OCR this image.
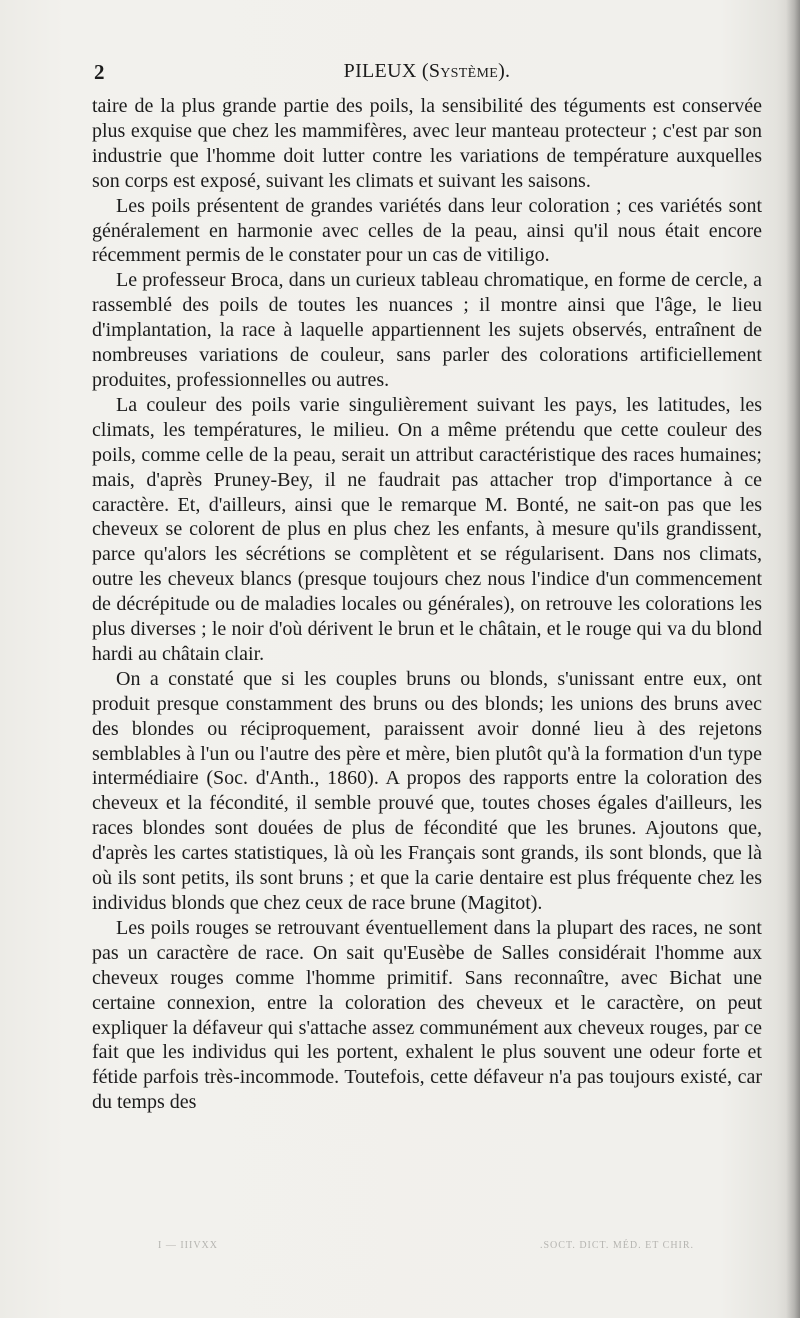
2	PILEUX (Système).

taire de la plus grande partie des poils, la sensibilité des téguments est conservée plus exquise que chez les mammifères, avec leur manteau protecteur ; c'est par son industrie que l'homme doit lutter contre les variations de température auxquelles son corps est exposé, suivant les climats et suivant les saisons.

Les poils présentent de grandes variétés dans leur coloration ; ces variétés sont généralement en harmonie avec celles de la peau, ainsi qu'il nous était encore récemment permis de le constater pour un cas de vitiligo.

Le professeur Broca, dans un curieux tableau chromatique, en forme de cercle, a rassemblé des poils de toutes les nuances ; il montre ainsi que l'âge, le lieu d'implantation, la race à laquelle appartiennent les sujets observés, entraînent de nombreuses variations de couleur, sans parler des colorations artificiellement produites, professionnelles ou autres.

La couleur des poils varie singulièrement suivant les pays, les latitudes, les climats, les températures, le milieu. On a même prétendu que cette couleur des poils, comme celle de la peau, serait un attribut caractéristique des races humaines; mais, d'après Pruney-Bey, il ne faudrait pas attacher trop d'importance à ce caractère. Et, d'ailleurs, ainsi que le remarque M. Bonté, ne sait-on pas que les cheveux se colorent de plus en plus chez les enfants, à mesure qu'ils grandissent, parce qu'alors les sécrétions se complètent et se régularisent. Dans nos climats, outre les cheveux blancs (presque toujours chez nous l'indice d'un commencement de décrépitude ou de maladies locales ou générales), on retrouve les colorations les plus diverses ; le noir d'où dérivent le brun et le châtain, et le rouge qui va du blond hardi au châtain clair.

On a constaté que si les couples bruns ou blonds, s'unissant entre eux, ont produit presque constamment des bruns ou des blonds; les unions des bruns avec des blondes ou réciproquement, paraissent avoir donné lieu à des rejetons semblables à l'un ou l'autre des père et mère, bien plutôt qu'à la formation d'un type intermédiaire (Soc. d'Anth., 1860). A propos des rapports entre la coloration des cheveux et la fécondité, il semble prouvé que, toutes choses égales d'ailleurs, les races blondes sont douées de plus de fécondité que les brunes. Ajoutons que, d'après les cartes statistiques, là où les Français sont grands, ils sont blonds, que là où ils sont petits, ils sont bruns ; et que la carie dentaire est plus fréquente chez les individus blonds que chez ceux de race brune (Magitot).

Les poils rouges se retrouvant éventuellement dans la plupart des races, ne sont pas un caractère de race. On sait qu'Eusèbe de Salles considérait l'homme aux cheveux rouges comme l'homme primitif. Sans reconnaître, avec Bichat une certaine connexion, entre la coloration des cheveux et le caractère, on peut expliquer la défaveur qui s'attache assez communément aux cheveux rouges, par ce fait que les individus qui les portent, exhalent le plus souvent une odeur forte et fétide parfois très-incommode. Toutefois, cette défaveur n'a pas toujours existé, car du temps des

I — IIIVXX	.SOCT. DICT. MÉD. ET CHIR.
